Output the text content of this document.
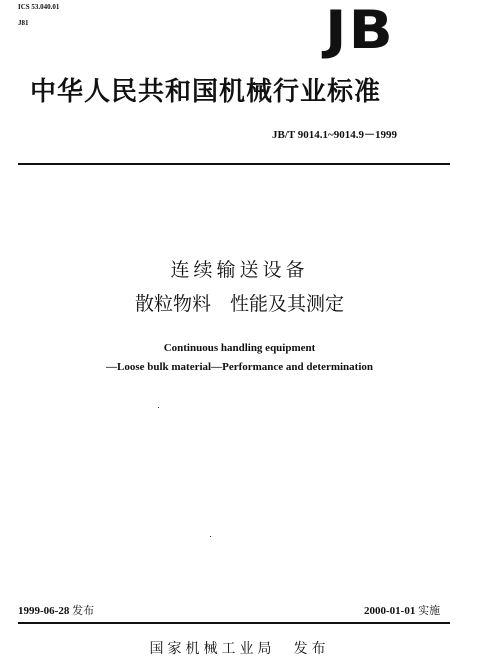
ICS 53.040.01
J81	JB
中华人民共和国机械行业标准
JB/T 9014.1~9014.9－1999
连续输送设备
散粒物料　性能及其测定
Continuous handling equipment
—Loose bulk material—Performance and determination
1999-06-28 发布	2000-01-01 实施
国家机械工业局　发布
